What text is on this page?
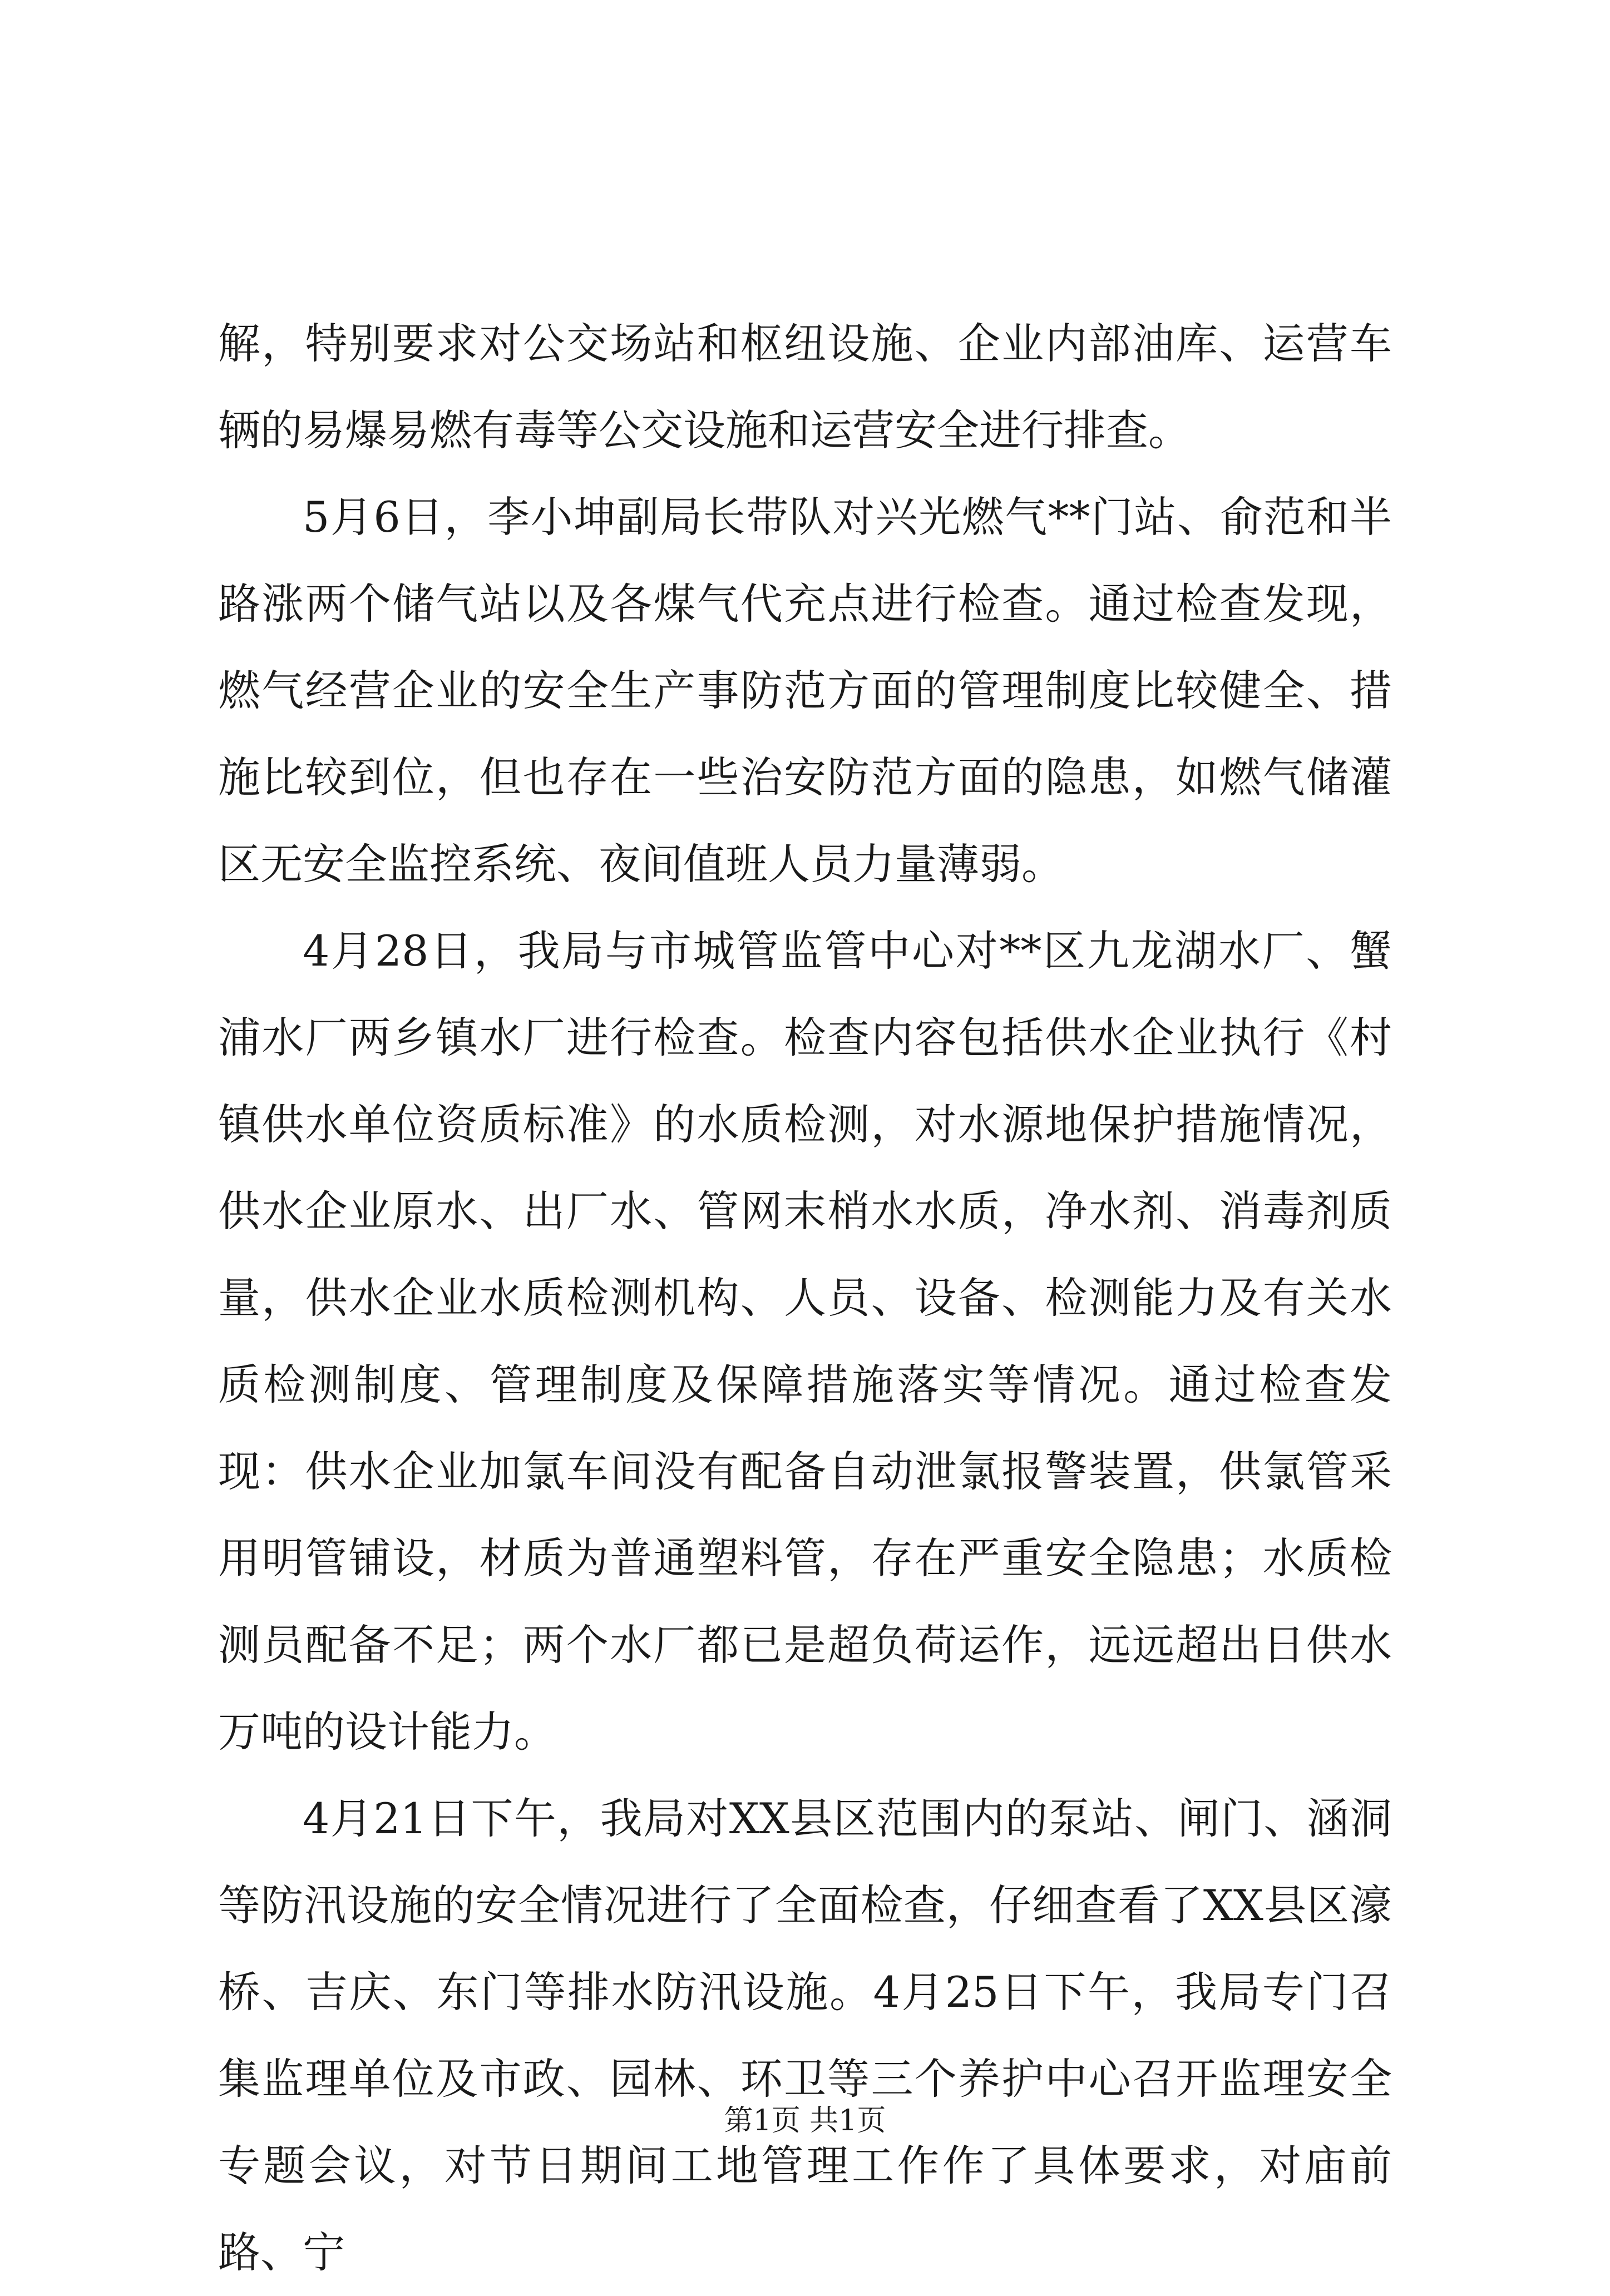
解，特别要求对公交场站和枢纽设施、企业内部油库、运营车辆的易爆易燃有毒等公交设施和运营安全进行排查。

5月6日，李小坤副局长带队对兴光燃气**门站、俞范和半路涨两个储气站以及各煤气代充点进行检查。通过检查发现，燃气经营企业的安全生产事防范方面的管理制度比较健全、措施比较到位，但也存在一些治安防范方面的隐患，如燃气储灌区无安全监控系统、夜间值班人员力量薄弱。

4月28日，我局与市城管监管中心对**区九龙湖水厂、蟹浦水厂两乡镇水厂进行检查。检查内容包括供水企业执行《村镇供水单位资质标准》的水质检测，对水源地保护措施情况，供水企业原水、出厂水、管网末梢水水质，净水剂、消毒剂质量，供水企业水质检测机构、人员、设备、检测能力及有关水质检测制度、管理制度及保障措施落实等情况。通过检查发现：供水企业加氯车间没有配备自动泄氯报警装置，供氯管采用明管铺设，材质为普通塑料管，存在严重安全隐患；水质检测员配备不足；两个水厂都已是超负荷运作，远远超出日供水万吨的设计能力。

4月21日下午，我局对XX县区范围内的泵站、闸门、涵洞等防汛设施的安全情况进行了全面检查，仔细查看了XX县区濠桥、吉庆、东门等排水防汛设施。4月25日下午，我局专门召集监理单位及市政、园林、环卫等三个养护中心召开监理安全专题会议，对节日期间工地管理工作作了具体要求，对庙前路、宁

第1页 共1页
